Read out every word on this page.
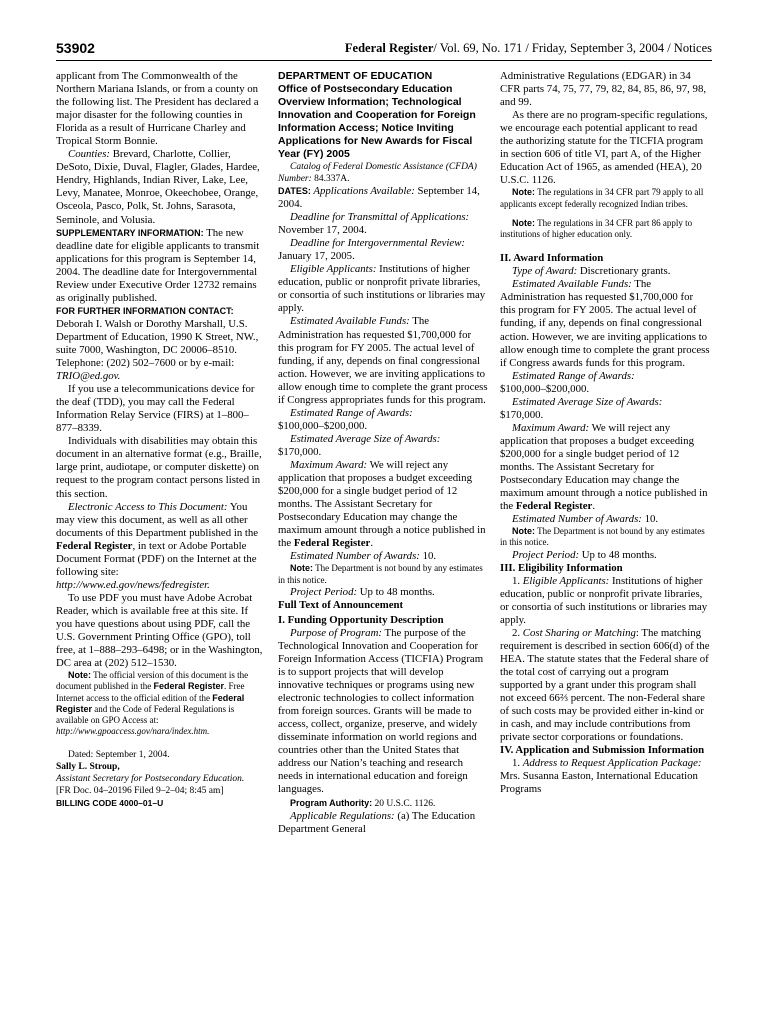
53902	Federal Register/ Vol. 69, No. 171 / Friday, September 3, 2004 / Notices

applicant from The Commonwealth of the Northern Mariana Islands, or from a county on the following list. The President has declared a major disaster for the following counties in Florida as a result of Hurricane Charley and Tropical Storm Bonnie.

Counties: Brevard, Charlotte, Collier, DeSoto, Dixie, Duval, Flagler, Glades, Hardee, Hendry, Highlands, Indian River, Lake, Lee, Levy, Manatee, Monroe, Okeechobee, Orange, Osceola, Pasco, Polk, St. Johns, Sarasota, Seminole, and Volusia.

SUPPLEMENTARY INFORMATION: The new deadline date for eligible applicants to transmit applications for this program is September 14, 2004. The deadline date for Intergovernmental Review under Executive Order 12732 remains as originally published.

FOR FURTHER INFORMATION CONTACT: Deborah I. Walsh or Dorothy Marshall, U.S. Department of Education, 1990 K Street, NW., suite 7000, Washington, DC 20006–8510. Telephone: (202) 502–7600 or by e-mail: TRIO@ed.gov.

If you use a telecommunications device for the deaf (TDD), you may call the Federal Information Relay Service (FIRS) at 1–800–877–8339.

Individuals with disabilities may obtain this document in an alternative format (e.g., Braille, large print, audiotape, or computer diskette) on request to the program contact persons listed in this section.

Electronic Access to This Document: You may view this document, as well as all other documents of this Department published in the Federal Register, in text or Adobe Portable Document Format (PDF) on the Internet at the following site: http://www.ed.gov/news/fedregister.

To use PDF you must have Adobe Acrobat Reader, which is available free at this site. If you have questions about using PDF, call the U.S. Government Printing Office (GPO), toll free, at 1–888–293–6498; or in the Washington, DC area at (202) 512–1530.

Note: The official version of this document is the document published in the Federal Register. Free Internet access to the official edition of the Federal Register and the Code of Federal Regulations is available on GPO Access at: http://www.gpoaccess.gov/nara/index.htm.

Dated: September 1, 2004.

Sally L. Stroup,

Assistant Secretary for Postsecondary Education.

[FR Doc. 04–20196 Filed 9–2–04; 8:45 am]

BILLING CODE 4000–01–U

DEPARTMENT OF EDUCATION

Office of Postsecondary Education

Overview Information; Technological Innovation and Cooperation for Foreign Information Access; Notice Inviting Applications for New Awards for Fiscal Year (FY) 2005

Catalog of Federal Domestic Assistance (CFDA) Number: 84.337A.

DATES: Applications Available: September 14, 2004.

Deadline for Transmittal of Applications: November 17, 2004.

Deadline for Intergovernmental Review: January 17, 2005.

Eligible Applicants: Institutions of higher education, public or nonprofit private libraries, or consortia of such institutions or libraries may apply.

Estimated Available Funds: The Administration has requested $1,700,000 for this program for FY 2005. The actual level of funding, if any, depends on final congressional action. However, we are inviting applications to allow enough time to complete the grant process if Congress appropriates funds for this program.

Estimated Range of Awards:

$100,000–$200,000.

Estimated Average Size of Awards:

$170,000.

Maximum Award: We will reject any application that proposes a budget exceeding $200,000 for a single budget period of 12 months. The Assistant Secretary for Postsecondary Education may change the maximum amount through a notice published in the Federal Register.

Estimated Number of Awards: 10.

Note: The Department is not bound by any estimates in this notice.

Project Period: Up to 48 months.

Full Text of Announcement

I. Funding Opportunity Description

Purpose of Program: The purpose of the Technological Innovation and Cooperation for Foreign Information Access (TICFIA) Program is to support projects that will develop innovative techniques or programs using new electronic technologies to collect information from foreign sources. Grants will be made to access, collect, organize, preserve, and widely disseminate information on world regions and countries other than the United States that address our Nation’s teaching and research needs in international education and foreign languages.

Program Authority: 20 U.S.C. 1126.

Applicable Regulations: (a) The Education Department General

Administrative Regulations (EDGAR) in 34 CFR parts 74, 75, 77, 79, 82, 84, 85, 86, 97, 98, and 99.

As there are no program-specific regulations, we encourage each potential applicant to read the authorizing statute for the TICFIA program in section 606 of title VI, part A, of the Higher Education Act of 1965, as amended (HEA), 20 U.S.C. 1126.

Note: The regulations in 34 CFR part 79 apply to all applicants except federally recognized Indian tribes.

Note: The regulations in 34 CFR part 86 apply to institutions of higher education only.

II. Award Information

Type of Award: Discretionary grants.

Estimated Available Funds: The Administration has requested $1,700,000 for this program for FY 2005. The actual level of funding, if any, depends on final congressional action. However, we are inviting applications to allow enough time to complete the grant process if Congress awards funds for this program.

Estimated Range of Awards:

$100,000–$200,000.

Estimated Average Size of Awards:

$170,000.

Maximum Award: We will reject any application that proposes a budget exceeding $200,000 for a single budget period of 12 months. The Assistant Secretary for Postsecondary Education may change the maximum amount through a notice published in the Federal Register.

Estimated Number of Awards: 10.

Note: The Department is not bound by any estimates in this notice.

Project Period: Up to 48 months.

III. Eligibility Information

1. Eligible Applicants: Institutions of higher education, public or nonprofit private libraries, or consortia of such institutions or libraries may apply.

2. Cost Sharing or Matching: The matching requirement is described in section 606(d) of the HEA. The statute states that the Federal share of the total cost of carrying out a program supported by a grant under this program shall not exceed 66⅔ percent. The non-Federal share of such costs may be provided either in-kind or in cash, and may include contributions from private sector corporations or foundations.

IV. Application and Submission Information

1. Address to Request Application Package: Mrs. Susanna Easton, International Education Programs
